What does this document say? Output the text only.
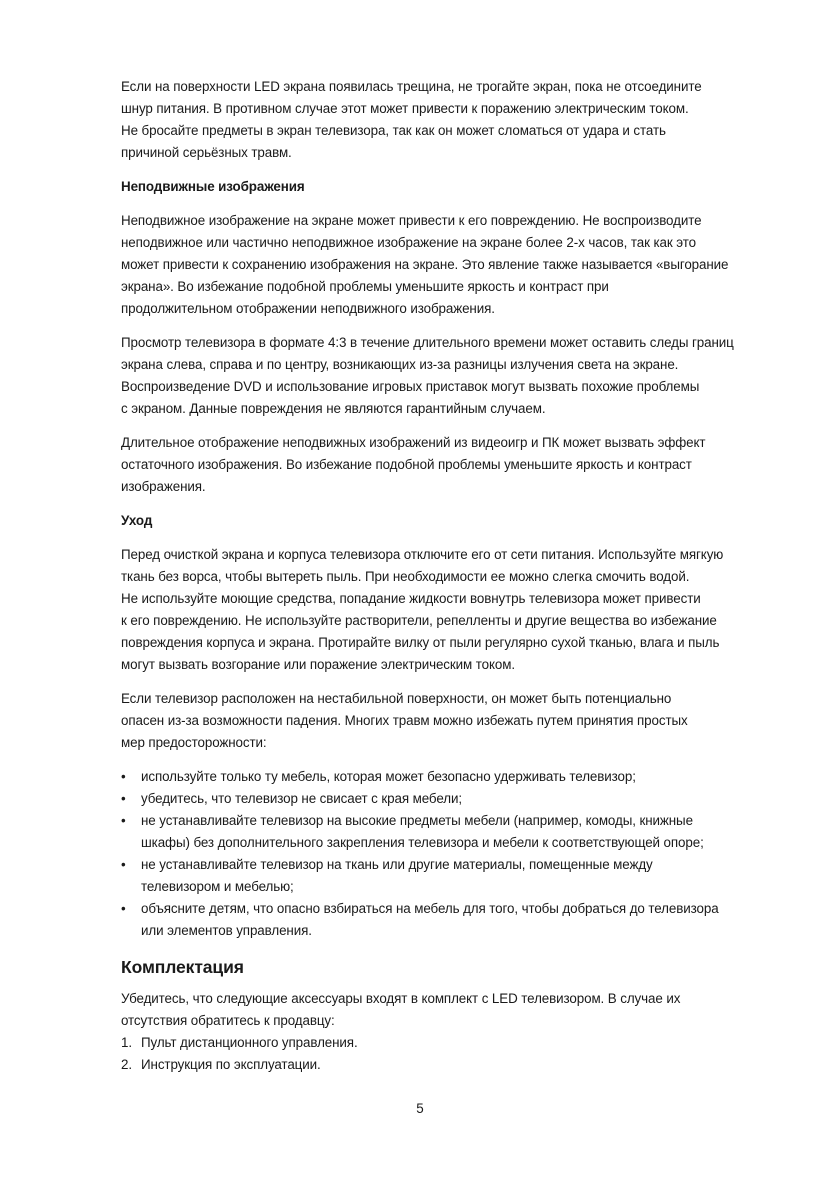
Если на поверхности LED экрана появилась трещина, не трогайте экран, пока не отсоедините
шнур питания. В противном случае этот может привести к поражению электрическим током.
Не бросайте предметы в экран телевизора, так как он может сломаться от удара и стать
причиной серьёзных травм.
Неподвижные изображения
Неподвижное изображение на экране может привести к его повреждению. Не воспроизводите
неподвижное или частично неподвижное изображение на экране более 2-х часов, так как это
может привести к сохранению изображения на экране. Это явление также называется «выгорание
экрана». Во избежание подобной проблемы уменьшите яркость и контраст при
продолжительном отображении неподвижного изображения.
Просмотр телевизора в формате 4:3 в течение длительного времени может оставить следы границ
экрана слева, справа и по центру, возникающих из-за разницы излучения света на экране.
Воспроизведение DVD и использование игровых приставок могут вызвать похожие проблемы
с экраном. Данные повреждения не являются гарантийным случаем.
Длительное отображение неподвижных изображений из видеоигр и ПК может вызвать эффект
остаточного изображения. Во избежание подобной проблемы уменьшите яркость и контраст
изображения.
Уход
Перед очисткой экрана и корпуса телевизора отключите его от сети питания. Используйте мягкую
ткань без ворса, чтобы вытереть пыль. При необходимости ее можно слегка смочить водой.
Не используйте моющие средства, попадание жидкости вовнутрь телевизора может привести
к его повреждению. Не используйте растворители, репелленты и другие вещества во избежание
повреждения корпуса и экрана. Протирайте вилку от пыли регулярно сухой тканью, влага и пыль
могут вызвать возгорание или поражение электрическим током.
Если телевизор расположен на нестабильной поверхности, он может быть потенциально
опасен из-за возможности падения. Многих травм можно избежать путем принятия простых
мер предосторожности:
• используйте только ту мебель, которая может безопасно удерживать телевизор;
• убедитесь, что телевизор не свисает с края мебели;
• не устанавливайте телевизор на высокие предметы мебели (например, комоды, книжные
шкафы) без дополнительного закрепления телевизора и мебели к соответствующей опоре;
• не устанавливайте телевизор на ткань или другие материалы, помещенные между
телевизором и мебелью;
• объясните детям, что опасно взбираться на мебель для того, чтобы добраться до телевизора
или элементов управления.
Комплектация
Убедитесь, что следующие аксессуары входят в комплект с LED телевизором. В случае их
отсутствия обратитесь к продавцу:
1. Пульт дистанционного управления.
2. Инструкция по эксплуатации.
5
